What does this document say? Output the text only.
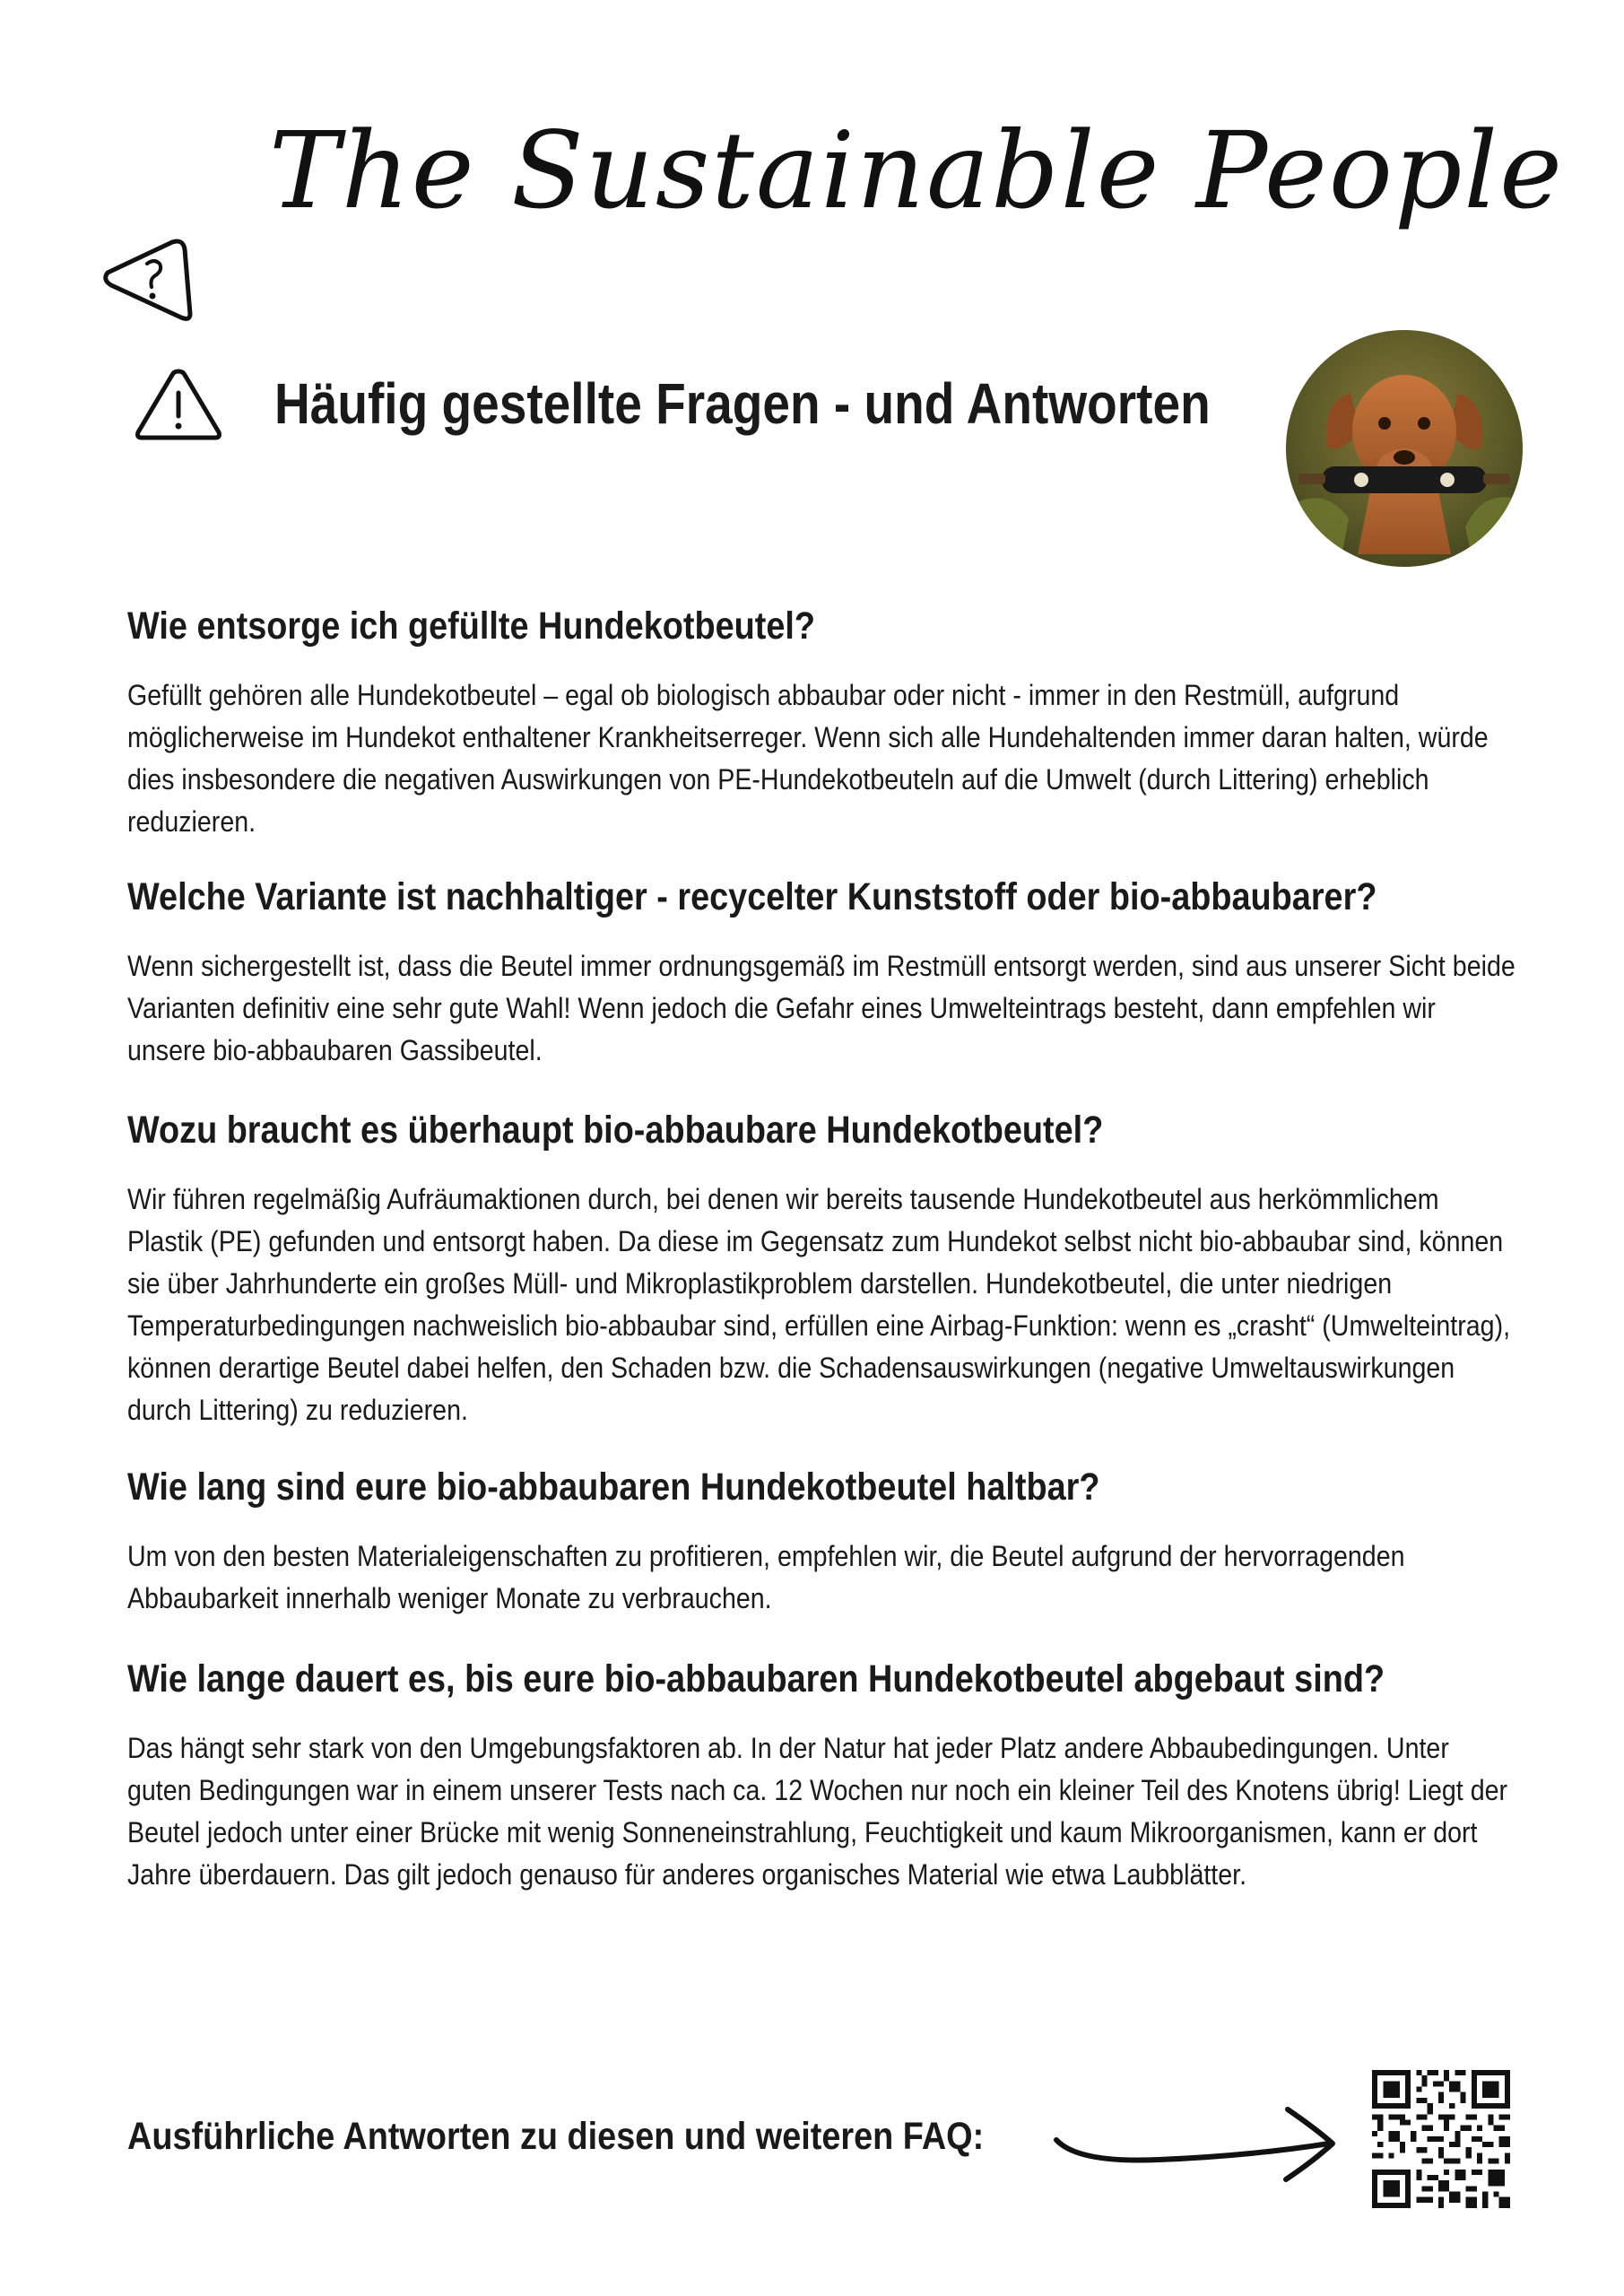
The Sustainable People
Häufig gestellte Fragen - und Antworten
Wie entsorge ich gefüllte Hundekotbeutel?

Gefüllt gehören alle Hundekotbeutel – egal ob biologisch abbaubar oder nicht - immer in den Restmüll, aufgrund möglicherweise im Hundekot enthaltener Krankheitserreger. Wenn sich alle Hundehaltenden immer daran halten, würde dies insbesondere die negativen Auswirkungen von PE-Hundekotbeuteln auf die Umwelt (durch Littering) erheblich reduzieren.

Welche Variante ist nachhaltiger - recycelter Kunststoff oder bio-abbaubarer?

Wenn sichergestellt ist, dass die Beutel immer ordnungsgemäß im Restmüll entsorgt werden, sind aus unserer Sicht beide Varianten definitiv eine sehr gute Wahl! Wenn jedoch die Gefahr eines Umwelteintrags besteht, dann empfehlen wir unsere bio-abbaubaren Gassibeutel.

Wozu braucht es überhaupt bio-abbaubare Hundekotbeutel?

Wir führen regelmäßig Aufräumaktionen durch, bei denen wir bereits tausende Hundekotbeutel aus herkömmlichem Plastik (PE) gefunden und entsorgt haben. Da diese im Gegensatz zum Hundekot selbst nicht bio-abbaubar sind, können sie über Jahrhunderte ein großes Müll- und Mikroplastikproblem darstellen. Hundekotbeutel, die unter niedrigen Temperaturbedingungen nachweislich bio-abbaubar sind, erfüllen eine Airbag-Funktion: wenn es „crasht“ (Umwelteintrag), können derartige Beutel dabei helfen, den Schaden bzw. die Schadensauswirkungen (negative Umweltauswirkungen durch Littering) zu reduzieren.

Wie lang sind eure bio-abbaubaren Hundekotbeutel haltbar?

Um von den besten Materialeigenschaften zu profitieren, empfehlen wir, die Beutel aufgrund der hervorragenden Abbaubarkeit innerhalb weniger Monate zu verbrauchen.

Wie lange dauert es, bis eure bio-abbaubaren Hundekotbeutel abgebaut sind?

Das hängt sehr stark von den Umgebungsfaktoren ab. In der Natur hat jeder Platz andere Abbaubedingungen. Unter guten Bedingungen war in einem unserer Tests nach ca. 12 Wochen nur noch ein kleiner Teil des Knotens übrig! Liegt der Beutel jedoch unter einer Brücke mit wenig Sonneneinstrahlung, Feuchtigkeit und kaum Mikroorganismen, kann er dort Jahre überdauern. Das gilt jedoch genauso für anderes organisches Material wie etwa Laubblätter.

Ausführliche Antworten zu diesen und weiteren FAQ:
